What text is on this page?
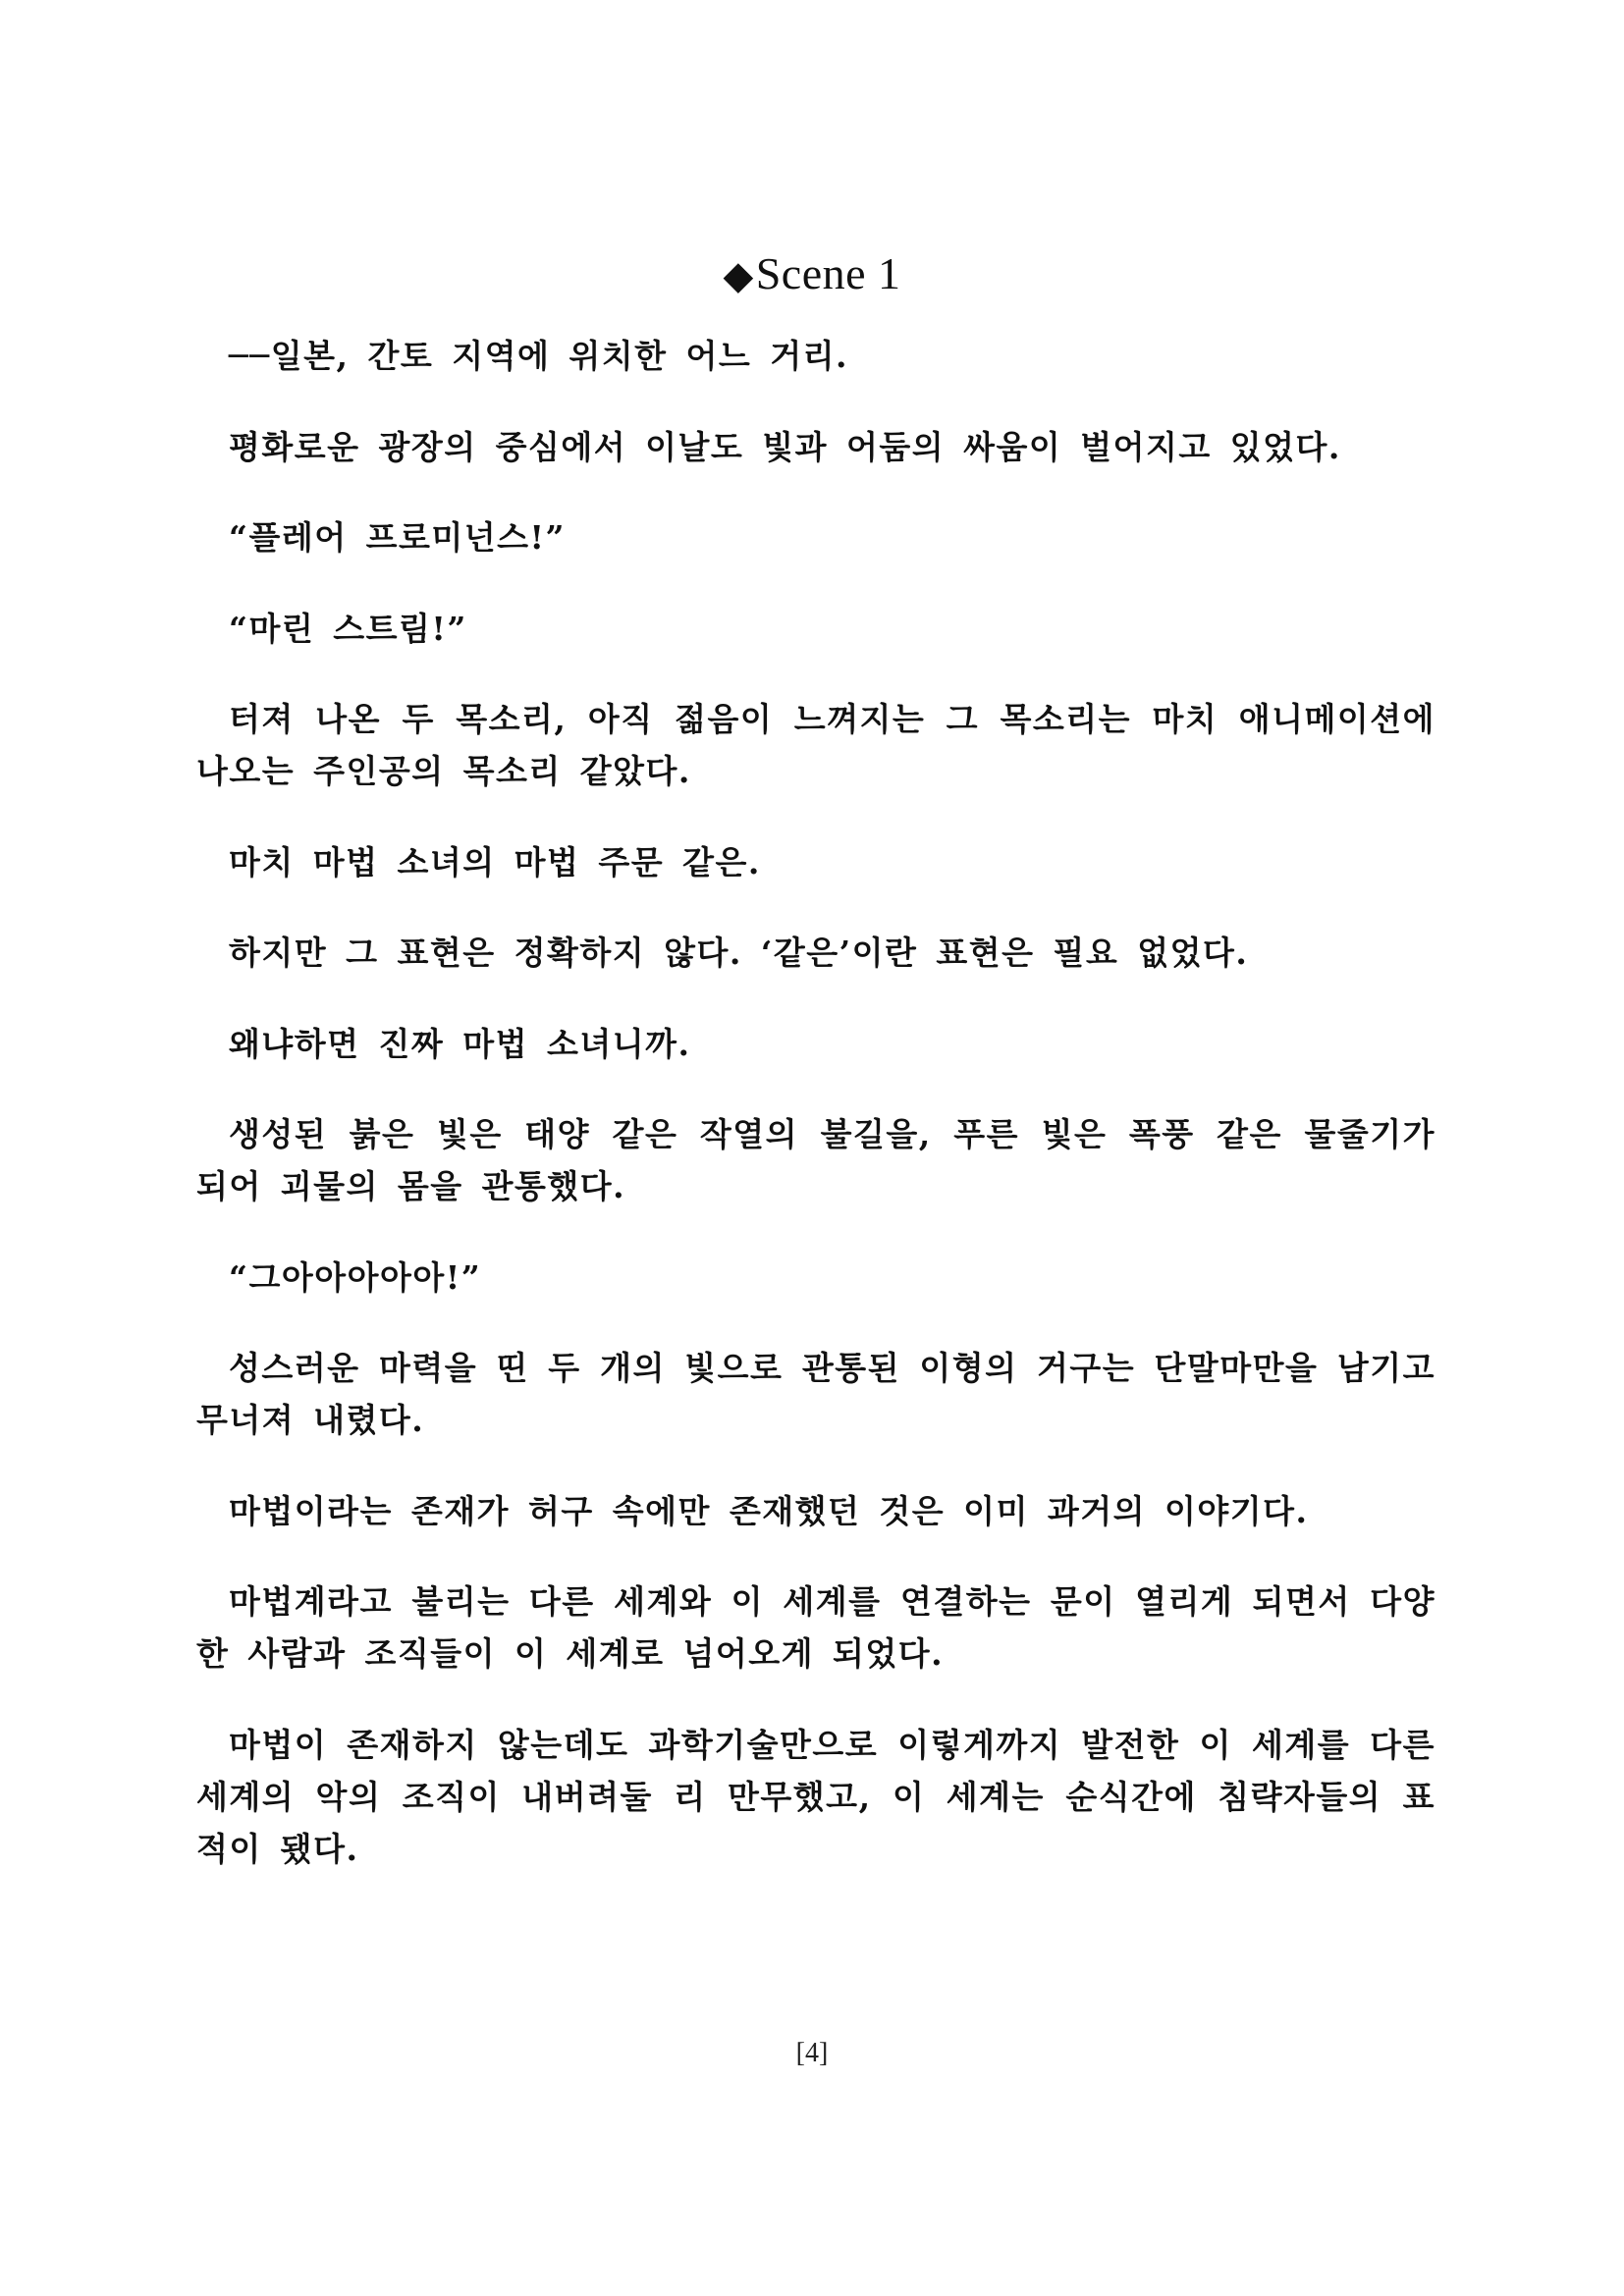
◆Scene 1

──일본, 간토 지역에 위치한 어느 거리.

평화로운 광장의 중심에서 이날도 빛과 어둠의 싸움이 벌어지고 있었다.

“플레어 프로미넌스!”

“마린 스트림!”

터져 나온 두 목소리, 아직 젊음이 느껴지는 그 목소리는 마치 애니메이션에 나오는 주인공의 목소리 같았다.

마치 마법 소녀의 마법 주문 같은.

하지만 그 표현은 정확하지 않다. ‘같은’이란 표현은 필요 없었다.

왜냐하면 진짜 마법 소녀니까.

생성된 붉은 빛은 태양 같은 작열의 불길을, 푸른 빛은 폭풍 같은 물줄기가 되어 괴물의 몸을 관통했다.

“그아아아아아!”

성스러운 마력을 띤 두 개의 빛으로 관통된 이형의 거구는 단말마만을 남기고 무너져 내렸다.

마법이라는 존재가 허구 속에만 존재했던 것은 이미 과거의 이야기다.

마법계라고 불리는 다른 세계와 이 세계를 연결하는 문이 열리게 되면서 다양한 사람과 조직들이 이 세계로 넘어오게 되었다.

마법이 존재하지 않는데도 과학기술만으로 이렇게까지 발전한 이 세계를 다른 세계의 악의 조직이 내버려둘 리 만무했고, 이 세계는 순식간에 침략자들의 표적이 됐다.

[4]
